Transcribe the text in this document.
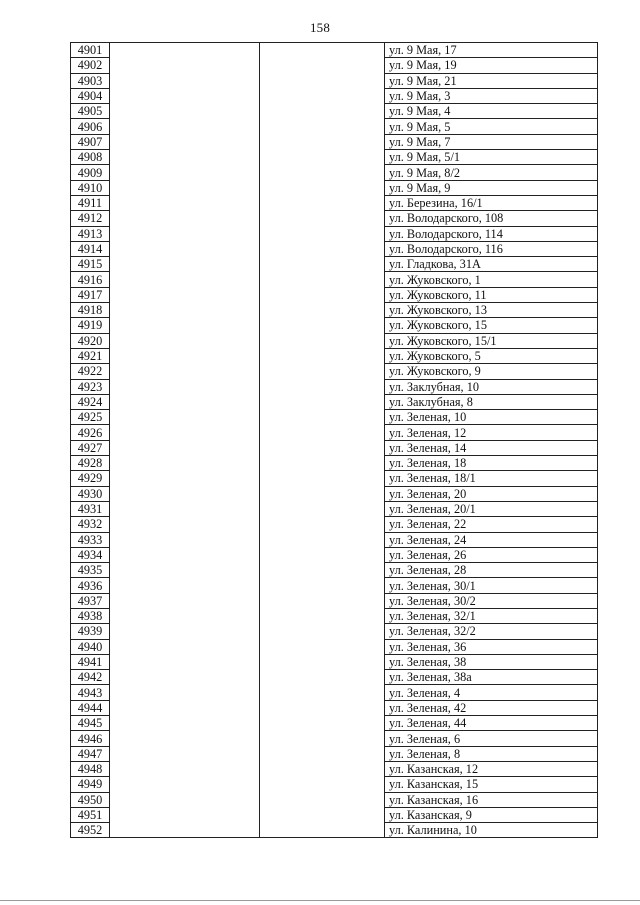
158
4901			ул. 9 Мая, 17
4902			ул. 9 Мая, 19
4903			ул. 9 Мая, 21
4904			ул. 9 Мая, 3
4905			ул. 9 Мая, 4
4906			ул. 9 Мая, 5
4907			ул. 9 Мая, 7
4908			ул. 9 Мая, 5/1
4909			ул. 9 Мая, 8/2
4910			ул. 9 Мая, 9
4911			ул. Березина, 16/1
4912			ул. Володарского, 108
4913			ул. Володарского, 114
4914			ул. Володарского, 116
4915			ул. Гладкова, 31А
4916			ул. Жуковского, 1
4917			ул. Жуковского, 11
4918			ул. Жуковского, 13
4919			ул. Жуковского, 15
4920			ул. Жуковского, 15/1
4921			ул. Жуковского, 5
4922			ул. Жуковского, 9
4923			ул. Заклубная, 10
4924			ул. Заклубная, 8
4925			ул. Зеленая, 10
4926			ул. Зеленая, 12
4927			ул. Зеленая, 14
4928			ул. Зеленая, 18
4929			ул. Зеленая, 18/1
4930			ул. Зеленая, 20
4931			ул. Зеленая, 20/1
4932			ул. Зеленая, 22
4933			ул. Зеленая, 24
4934			ул. Зеленая, 26
4935			ул. Зеленая, 28
4936			ул. Зеленая, 30/1
4937			ул. Зеленая, 30/2
4938			ул. Зеленая, 32/1
4939			ул. Зеленая, 32/2
4940			ул. Зеленая, 36
4941			ул. Зеленая, 38
4942			ул. Зеленая, 38а
4943			ул. Зеленая, 4
4944			ул. Зеленая, 42
4945			ул. Зеленая, 44
4946			ул. Зеленая, 6
4947			ул. Зеленая, 8
4948			ул. Казанская, 12
4949			ул. Казанская, 15
4950			ул. Казанская, 16
4951			ул. Казанская, 9
4952			ул. Калинина, 10
